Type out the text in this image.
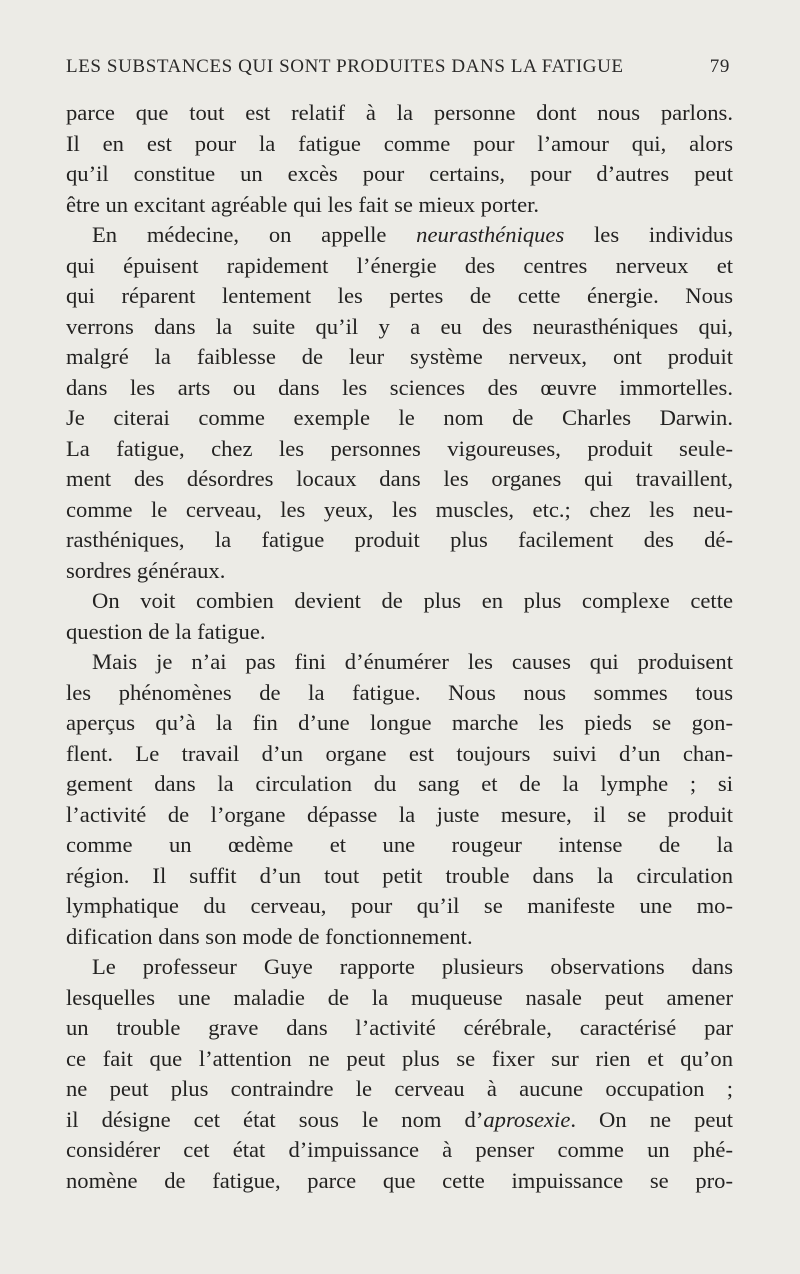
LES SUBSTANCES QUI SONT PRODUITES DANS LA FATIGUE	79
parce que tout est relatif à la personne dont nous parlons.
Il en est pour la fatigue comme pour l’amour qui, alors
qu’il constitue un excès pour certains, pour d’autres peut
être un excitant agréable qui les fait se mieux porter.
En médecine, on appelle neurasthéniques les individus
qui épuisent rapidement l’énergie des centres nerveux et
qui réparent lentement les pertes de cette énergie. Nous
verrons dans la suite qu’il y a eu des neurasthéniques qui,
malgré la faiblesse de leur système nerveux, ont produit
dans les arts ou dans les sciences des œuvre immortelles.
Je citerai comme exemple le nom de Charles Darwin.
La fatigue, chez les personnes vigoureuses, produit seule-
ment des désordres locaux dans les organes qui travaillent,
comme le cerveau, les yeux, les muscles, etc.; chez les neu-
rasthéniques, la fatigue produit plus facilement des dé-
sordres généraux.
On voit combien devient de plus en plus complexe cette
question de la fatigue.
Mais je n’ai pas fini d’énumérer les causes qui produisent
les phénomènes de la fatigue. Nous nous sommes tous
aperçus qu’à la fin d’une longue marche les pieds se gon-
flent. Le travail d’un organe est toujours suivi d’un chan-
gement dans la circulation du sang et de la lymphe ; si
l’activité de l’organe dépasse la juste mesure, il se produit
comme un œdème et une rougeur intense de la
région. Il suffit d’un tout petit trouble dans la circulation
lymphatique du cerveau, pour qu’il se manifeste une mo-
dification dans son mode de fonctionnement.
Le professeur Guye rapporte plusieurs observations dans
lesquelles une maladie de la muqueuse nasale peut amener
un trouble grave dans l’activité cérébrale, caractérisé par
ce fait que l’attention ne peut plus se fixer sur rien et qu’on
ne peut plus contraindre le cerveau à aucune occupation ;
il désigne cet état sous le nom d’aprosexie. On ne peut
considérer cet état d’impuissance à penser comme un phé-
nomène de fatigue, parce que cette impuissance se pro-
